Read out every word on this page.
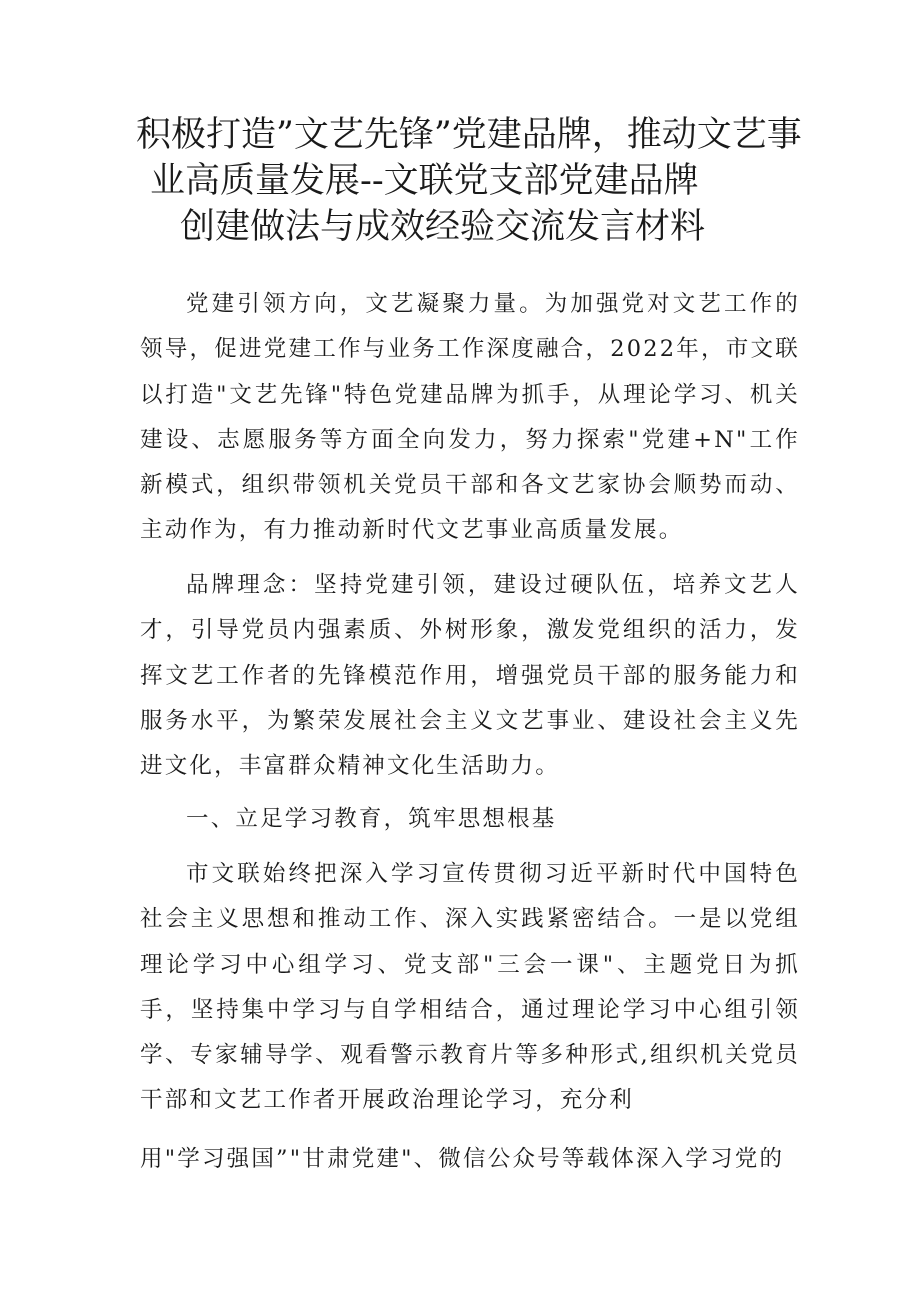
积极打造”文艺先锋”党建品牌，推动文艺事
业高质量发展--文联党支部党建品牌
创建做法与成效经验交流发言材料

党建引领方向，文艺凝聚力量。为加强党对文艺工作的领导，促进党建工作与业务工作深度融合，2022年，市文联以打造"文艺先锋"特色党建品牌为抓手，从理论学习、机关建设、志愿服务等方面全向发力，努力探索"党建+N"工作新模式，组织带领机关党员干部和各文艺家协会顺势而动、主动作为，有力推动新时代文艺事业高质量发展。

品牌理念：坚持党建引领，建设过硬队伍，培养文艺人才，引导党员内强素质、外树形象，激发党组织的活力，发挥文艺工作者的先锋模范作用，增强党员干部的服务能力和服务水平，为繁荣发展社会主义文艺事业、建设社会主义先进文化，丰富群众精神文化生活助力。

一、立足学习教育，筑牢思想根基

市文联始终把深入学习宣传贯彻习近平新时代中国特色社会主义思想和推动工作、深入实践紧密结合。一是以党组理论学习中心组学习、党支部"三会一课"、主题党日为抓手，坚持集中学习与自学相结合，通过理论学习中心组引领学、专家辅导学、观看警示教育片等多种形式,组织机关党员干部和文艺工作者开展政治理论学习，充分利

用"学习强国”"甘肃党建"、微信公众号等载体深入学习党的
